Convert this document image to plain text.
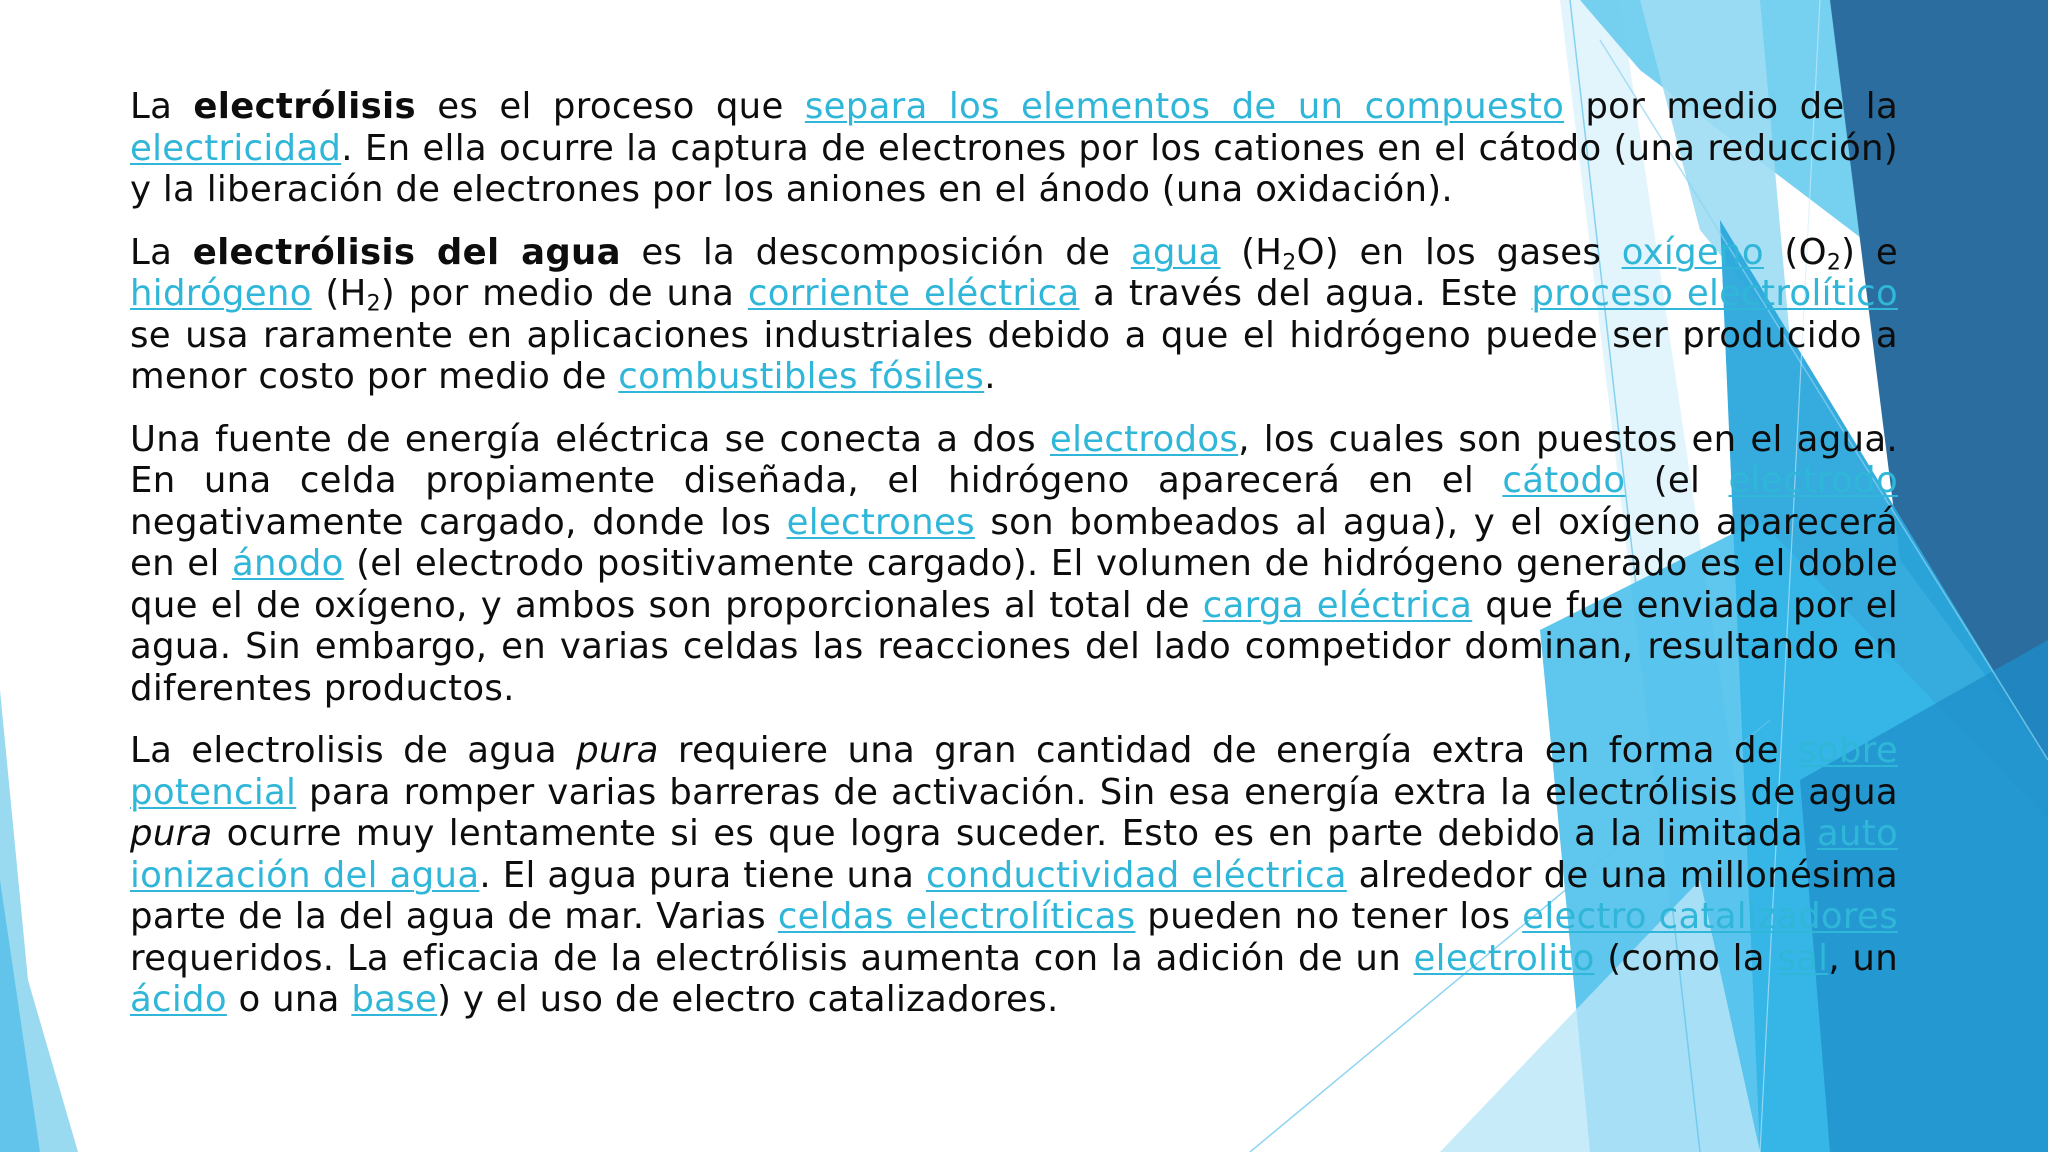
La electrólisis es el proceso que separa los elementos de un compuesto por medio de la electricidad. En ella ocurre la captura de electrones por los cationes en el cátodo (una reducción) y la liberación de electrones por los aniones en el ánodo (una oxidación).

La electrólisis del agua es la descomposición de agua $(H_2O)$ en los gases oxígeno $(O_2)$ e hidrógeno $(H_2)$ por medio de una corriente eléctrica a través del agua. Este proceso electrolítico se usa raramente en aplicaciones industriales debido a que el hidrógeno puede ser producido a menor costo por medio de combustibles fósiles.

Una fuente de energía eléctrica se conecta a dos electrodos, los cuales son puestos en el agua. En una celda propiamente diseñada, el hidrógeno aparecerá en el cátodo (el electrodo negativamente cargado, donde los electrones son bombeados al agua), y el oxígeno aparecerá en el ánodo (el electrodo positivamente cargado). El volumen de hidrógeno generado es el doble que el de oxígeno, y ambos son proporcionales al total de carga eléctrica que fue enviada por el agua. Sin embargo, en varias celdas las reacciones del lado competidor dominan, resultando en diferentes productos.

La electrolisis de agua pura requiere una gran cantidad de energía extra en forma de sobre potencial para romper varias barreras de activación. Sin esa energía extra la electrólisis de agua pura ocurre muy lentamente si es que logra suceder. Esto es en parte debido a la limitada auto ionización del agua. El agua pura tiene una conductividad eléctrica alrededor de una millonésima parte de la del agua de mar. Varias celdas electrolíticas pueden no tener los electro catalizadores requeridos. La eficacia de la electrólisis aumenta con la adición de un electrolito (como la sal, un ácido o una base) y el uso de electro catalizadores.
